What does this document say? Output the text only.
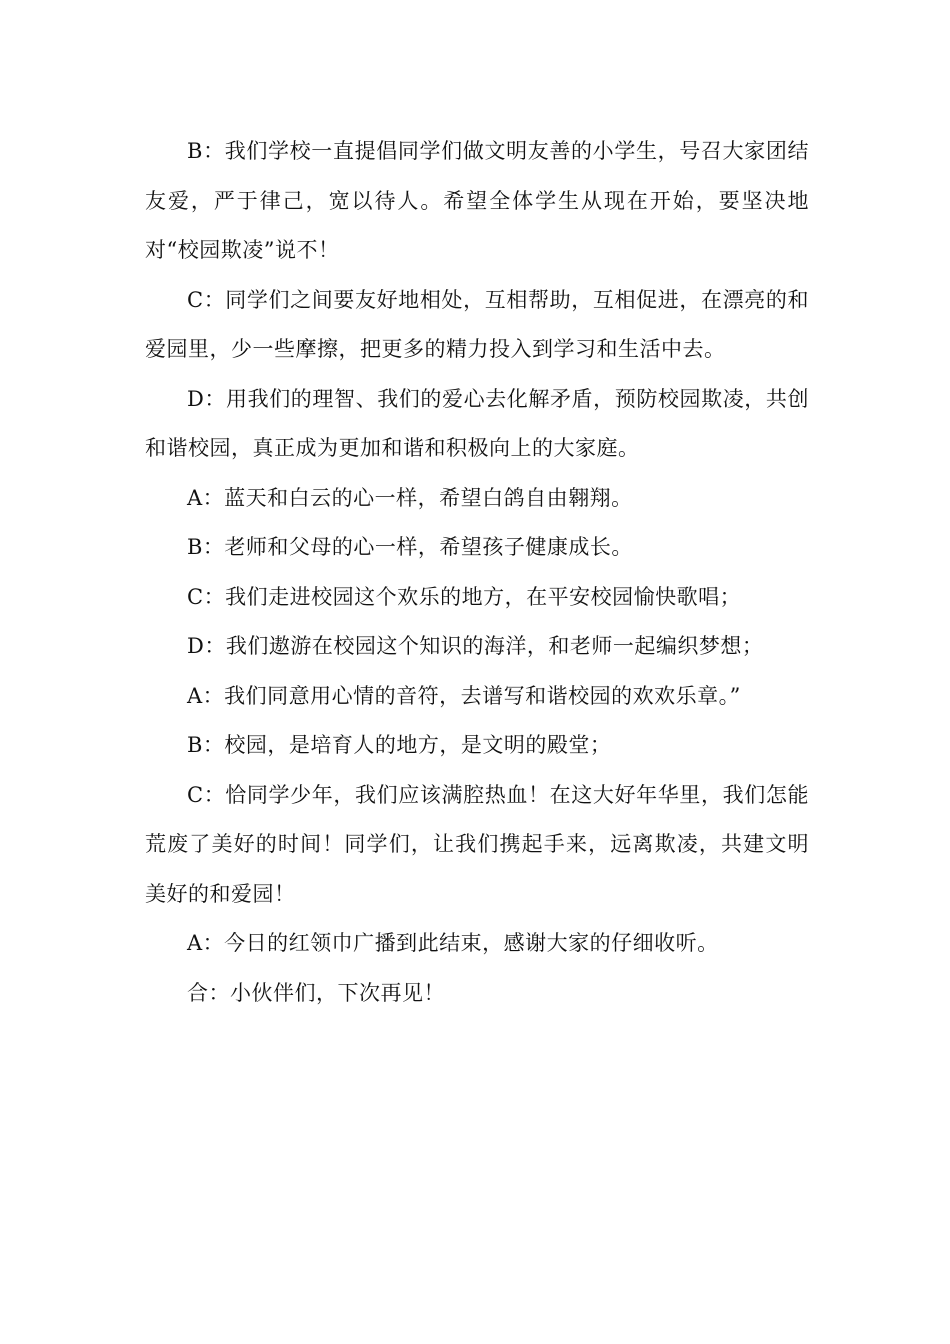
B：我们学校一直提倡同学们做文明友善的小学生，号召大家团结友爱，严于律己，宽以待人。希望全体学生从现在开始，要坚决地对“校园欺凌”说不！

C：同学们之间要友好地相处，互相帮助，互相促进，在漂亮的和爱园里，少一些摩擦，把更多的精力投入到学习和生活中去。

D：用我们的理智、我们的爱心去化解矛盾，预防校园欺凌，共创和谐校园，真正成为更加和谐和积极向上的大家庭。

A：蓝天和白云的心一样，希望白鸽自由翱翔。

B：老师和父母的心一样，希望孩子健康成长。

C：我们走进校园这个欢乐的地方，在平安校园愉快歌唱；

D：我们遨游在校园这个知识的海洋，和老师一起编织梦想；

A：我们同意用心情的音符，去谱写和谐校园的欢欢乐章。”

B：校园，是培育人的地方，是文明的殿堂；

C：恰同学少年，我们应该满腔热血！在这大好年华里，我们怎能荒废了美好的时间！同学们，让我们携起手来，远离欺凌，共建文明美好的和爱园！

A：今日的红领巾广播到此结束，感谢大家的仔细收听。

合：小伙伴们，下次再见！
